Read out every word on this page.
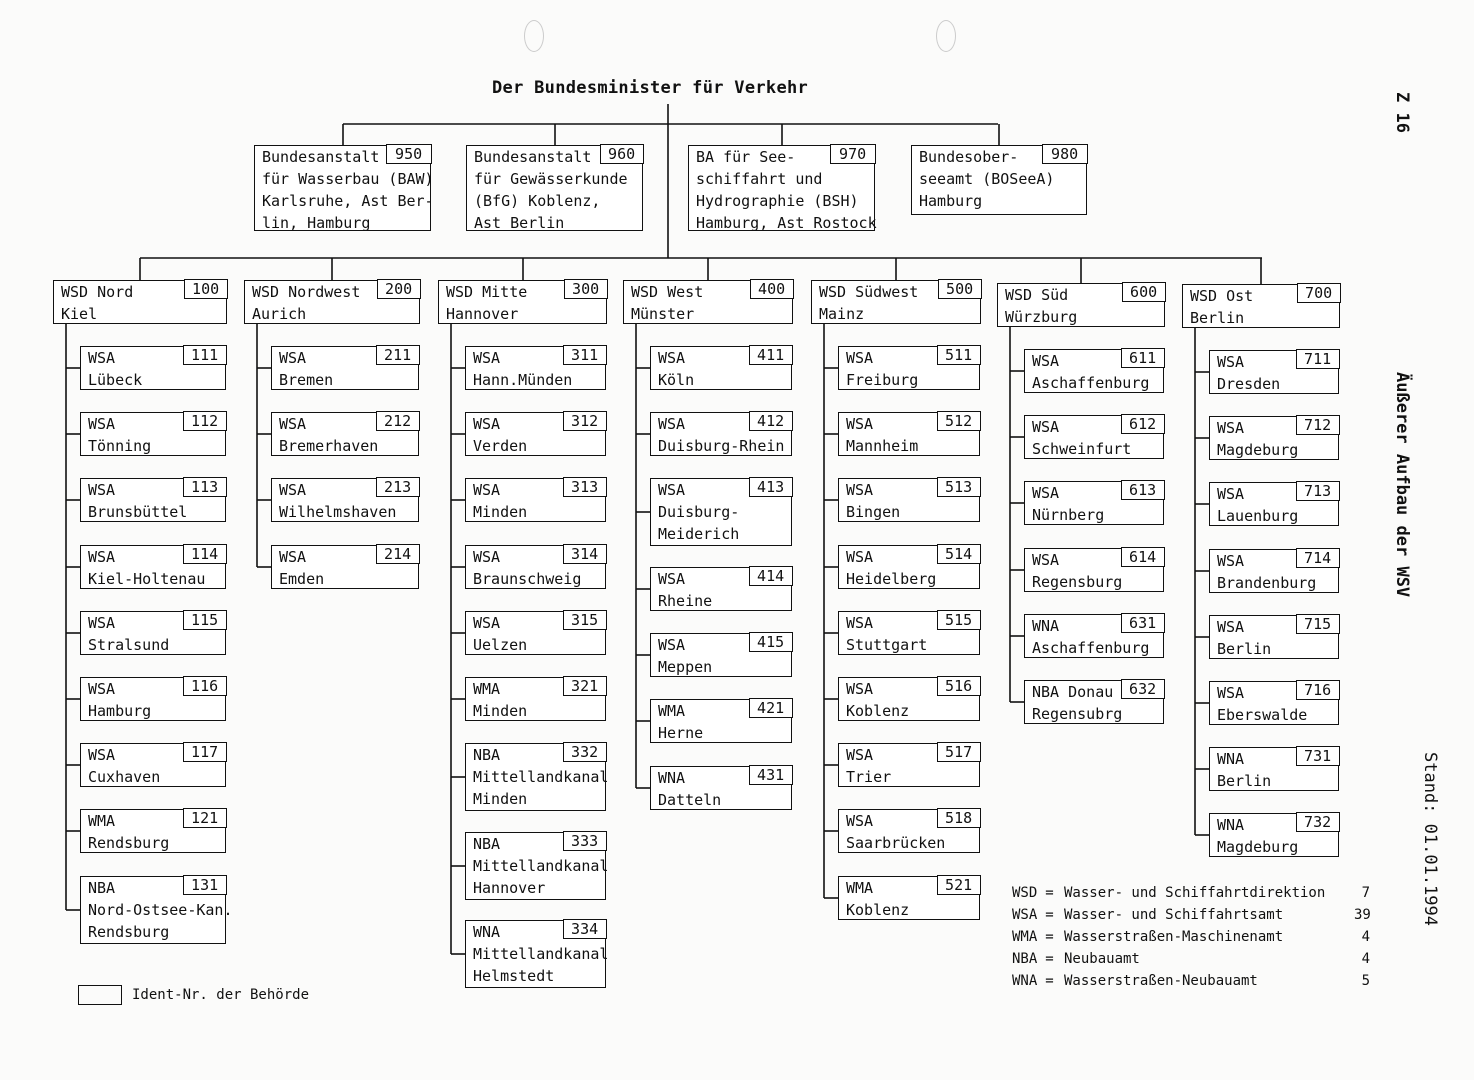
Der Bundesminister für Verkehr
950
Bundesanstalt
für Wasserbau (BAW)
Karlsruhe, Ast Ber-
lin, Hamburg
960
Bundesanstalt
für Gewässerkunde
(BfG) Koblenz,
Ast Berlin
970
BA für See-
schiffahrt und
Hydrographie (BSH)
Hamburg, Ast Rostock
980
Bundesober-
seeamt (BOSeeA)
Hamburg
100
WSD Nord
Kiel
111
WSA
Lübeck
112
WSA
Tönning
113
WSA
Brunsbüttel
114
WSA
Kiel-Holtenau
115
WSA
Stralsund
116
WSA
Hamburg
117
WSA
Cuxhaven
121
WMA
Rendsburg
131
NBA
Nord-Ostsee-Kan.
Rendsburg
200
WSD Nordwest
Aurich
211
WSA
Bremen
212
WSA
Bremerhaven
213
WSA
Wilhelmshaven
214
WSA
Emden
300
WSD Mitte
Hannover
311
WSA
Hann.Münden
312
WSA
Verden
313
WSA
Minden
314
WSA
Braunschweig
315
WSA
Uelzen
321
WMA
Minden
332
NBA
Mittellandkanal
Minden
333
NBA
Mittellandkanal
Hannover
334
WNA
Mittellandkanal
Helmstedt
400
WSD West
Münster
411
WSA
Köln
412
WSA
Duisburg-Rhein
413
WSA
Duisburg-
Meiderich
414
WSA
Rheine
415
WSA
Meppen
421
WMA
Herne
431
WNA
Datteln
500
WSD Südwest
Mainz
511
WSA
Freiburg
512
WSA
Mannheim
513
WSA
Bingen
514
WSA
Heidelberg
515
WSA
Stuttgart
516
WSA
Koblenz
517
WSA
Trier
518
WSA
Saarbrücken
521
WMA
Koblenz
600
WSD Süd
Würzburg
611
WSA
Aschaffenburg
612
WSA
Schweinfurt
613
WSA
Nürnberg
614
WSA
Regensburg
631
WNA
Aschaffenburg
632
NBA Donau
Regensubrg
700
WSD Ost
Berlin
711
WSA
Dresden
712
WSA
Magdeburg
713
WSA
Lauenburg
714
WSA
Brandenburg
715
WSA
Berlin
716
WSA
Eberswalde
731
WNA
Berlin
732
WNA
Magdeburg
WSD = Wasser- und Schiffahrtdirektion	7
WSA = Wasser- und Schiffahrtsamt	39
WMA = Wasserstraßen-Maschinenamt	4
NBA = Neubauamt	4
WNA = Wasserstraßen-Neubauamt	5
Ident-Nr. der Behörde
Z 16
Äußerer Aufbau der WSV
Stand: 01.01.1994
